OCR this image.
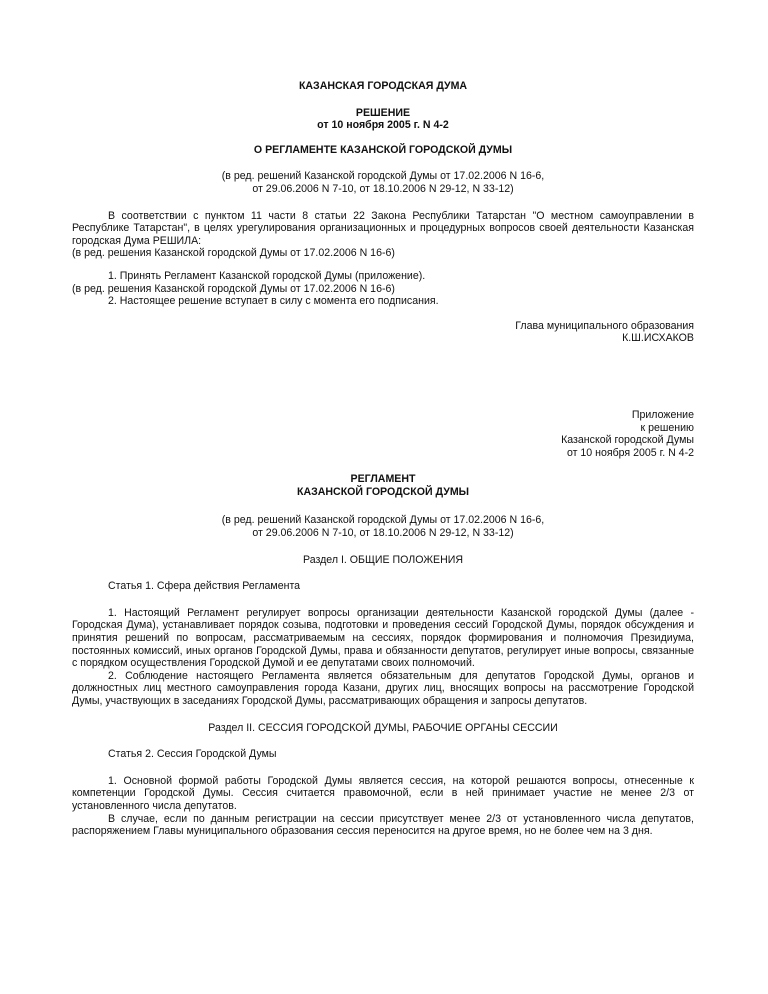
КАЗАНСКАЯ ГОРОДСКАЯ ДУМА

РЕШЕНИЕ

от 10 ноября 2005 г. N 4-2

О РЕГЛАМЕНТЕ КАЗАНСКОЙ ГОРОДСКОЙ ДУМЫ

(в ред. решений Казанской городской Думы от 17.02.2006 N 16-6,

от 29.06.2006 N 7-10, от 18.10.2006 N 29-12, N 33-12)

В соответствии с пунктом 11 части 8 статьи 22 Закона Республики Татарстан "О местном самоуправлении в Республике Татарстан", в целях урегулирования организационных и процедурных вопросов своей деятельности Казанская городская Дума РЕШИЛА:

(в ред. решения Казанской городской Думы от 17.02.2006 N 16-6)

1. Принять Регламент Казанской городской Думы (приложение).

(в ред. решения Казанской городской Думы от 17.02.2006 N 16-6)

2. Настоящее решение вступает в силу с момента его подписания.

Глава муниципального образования

К.Ш.ИСХАКОВ

Приложение

к решению

Казанской городской Думы

от 10 ноября 2005 г. N 4-2

РЕГЛАМЕНТ

КАЗАНСКОЙ ГОРОДСКОЙ ДУМЫ

(в ред. решений Казанской городской Думы от 17.02.2006 N 16-6,

от 29.06.2006 N 7-10, от 18.10.2006 N 29-12, N 33-12)

Раздел I. ОБЩИЕ ПОЛОЖЕНИЯ

Статья 1. Сфера действия Регламента

1. Настоящий Регламент регулирует вопросы организации деятельности Казанской городской Думы (далее - Городская Дума), устанавливает порядок созыва, подготовки и проведения сессий Городской Думы, порядок обсуждения и принятия решений по вопросам, рассматриваемым на сессиях, порядок формирования и полномочия Президиума, постоянных комиссий, иных органов Городской Думы, права и обязанности депутатов, регулирует иные вопросы, связанные с порядком осуществления Городской Думой и ее депутатами своих полномочий.

2. Соблюдение настоящего Регламента является обязательным для депутатов Городской Думы, органов и должностных лиц местного самоуправления города Казани, других лиц, вносящих вопросы на рассмотрение Городской Думы, участвующих в заседаниях Городской Думы, рассматривающих обращения и запросы депутатов.

Раздел II. СЕССИЯ ГОРОДСКОЙ ДУМЫ, РАБОЧИЕ ОРГАНЫ СЕССИИ

Статья 2. Сессия Городской Думы

1. Основной формой работы Городской Думы является сессия, на которой решаются вопросы, отнесенные к компетенции Городской Думы. Сессия считается правомочной, если в ней принимает участие не менее 2/3 от установленного числа депутатов.

В случае, если по данным регистрации на сессии присутствует менее 2/3 от установленного числа депутатов, распоряжением Главы муниципального образования сессия переносится на другое время, но не более чем на 3 дня.
